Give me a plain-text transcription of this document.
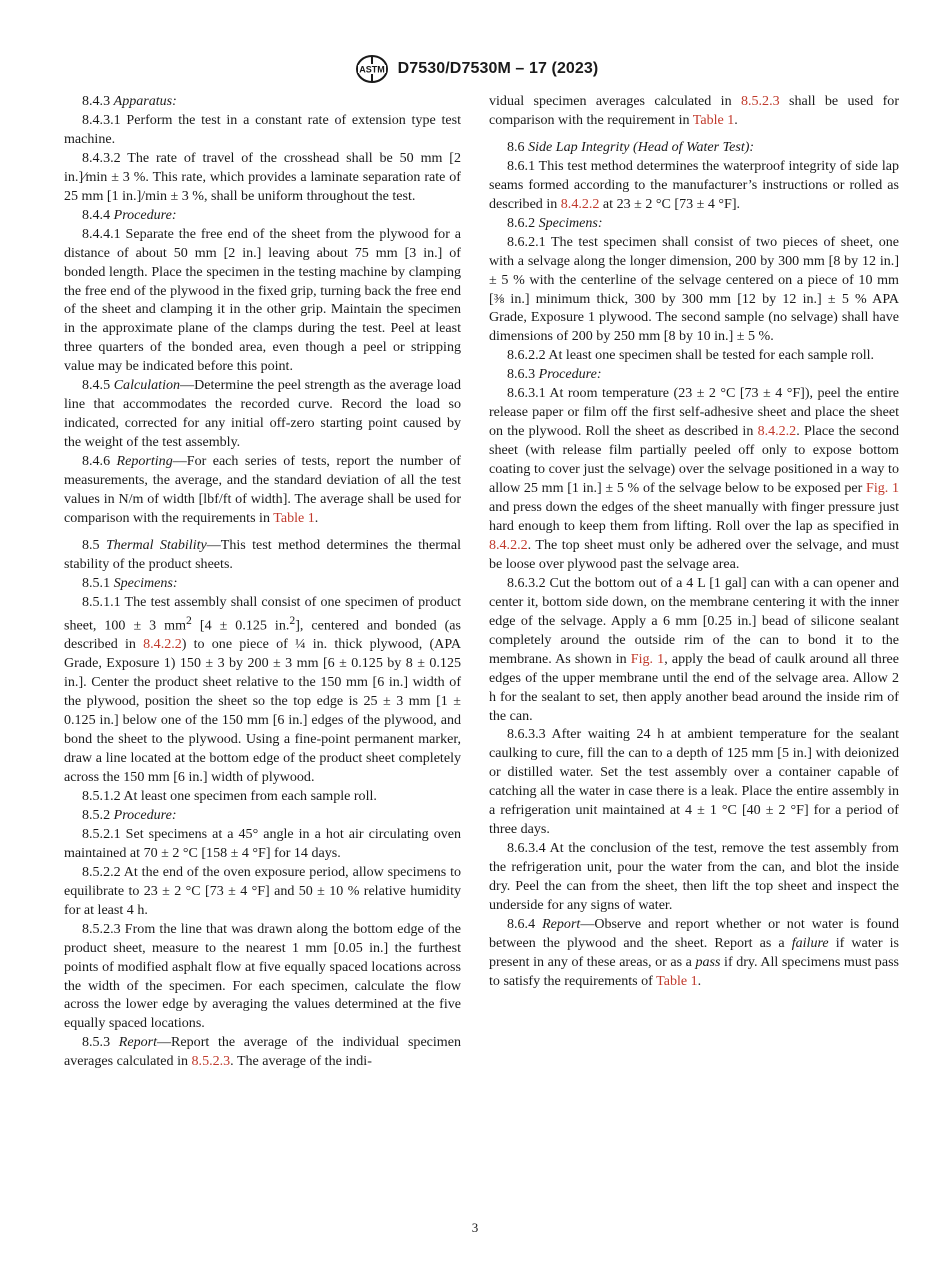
ASTM D7530/D7530M – 17 (2023)

8.4.3 Apparatus:

8.4.3.1 Perform the test in a constant rate of extension type test machine.

8.4.3.2 The rate of travel of the crosshead shall be 50 mm [2 in.]⁄min ± 3 %. This rate, which provides a laminate separation rate of 25 mm [1 in.]/min ± 3 %, shall be uniform throughout the test.

8.4.4 Procedure:

8.4.4.1 Separate the free end of the sheet from the plywood for a distance of about 50 mm [2 in.] leaving about 75 mm [3 in.] of bonded length. Place the specimen in the testing machine by clamping the free end of the plywood in the fixed grip, turning back the free end of the sheet and clamping it in the other grip. Maintain the specimen in the approximate plane of the clamps during the test. Peel at least three quarters of the bonded area, even though a peel or stripping value may be indicated before this point.

8.4.5 Calculation—Determine the peel strength as the average load line that accommodates the recorded curve. Record the load so indicated, corrected for any initial off-zero starting point caused by the weight of the test assembly.

8.4.6 Reporting—For each series of tests, report the number of measurements, the average, and the standard deviation of all the test values in N/m of width [lbf/ft of width]. The average shall be used for comparison with the requirements in Table 1.

8.5 Thermal Stability—This test method determines the thermal stability of the product sheets.

8.5.1 Specimens:

8.5.1.1 The test assembly shall consist of one specimen of product sheet, 100 ± 3 $mm^2$ [4 ± 0.125 in.$^2$], centered and bonded (as described in 8.4.2.2) to one piece of ¼ in. thick plywood, (APA Grade, Exposure 1) 150 ± 3 by 200 ± 3 mm [6 ± 0.125 by 8 ± 0.125 in.]. Center the product sheet relative to the 150 mm [6 in.] width of the plywood, position the sheet so the top edge is 25 ± 3 mm [1 ± 0.125 in.] below one of the 150 mm [6 in.] edges of the plywood, and bond the sheet to the plywood. Using a fine-point permanent marker, draw a line located at the bottom edge of the product sheet completely across the 150 mm [6 in.] width of plywood.

8.5.1.2 At least one specimen from each sample roll.

8.5.2 Procedure:

8.5.2.1 Set specimens at a 45° angle in a hot air circulating oven maintained at 70 ± 2 °C [158 ± 4 °F] for 14 days.

8.5.2.2 At the end of the oven exposure period, allow specimens to equilibrate to 23 ± 2 °C [73 ± 4 °F] and 50 ± 10 % relative humidity for at least 4 h.

8.5.2.3 From the line that was drawn along the bottom edge of the product sheet, measure to the nearest 1 mm [0.05 in.] the furthest points of modified asphalt flow at five equally spaced locations across the width of the specimen. For each specimen, calculate the flow across the lower edge by averaging the values determined at the five equally spaced locations.

8.5.3 Report—Report the average of the individual specimen averages calculated in 8.5.2.3. The average of the indi-

vidual specimen averages calculated in 8.5.2.3 shall be used for comparison with the requirement in Table 1.

8.6 Side Lap Integrity (Head of Water Test):

8.6.1 This test method determines the waterproof integrity of side lap seams formed according to the manufacturer’s instructions or rolled as described in 8.4.2.2 at 23 ± 2 °C [73 ± 4 °F].

8.6.2 Specimens:

8.6.2.1 The test specimen shall consist of two pieces of sheet, one with a selvage along the longer dimension, 200 by 300 mm [8 by 12 in.] ± 5 % with the centerline of the selvage centered on a piece of 10 mm [⅜ in.] minimum thick, 300 by 300 mm [12 by 12 in.] ± 5 % APA Grade, Exposure 1 plywood. The second sample (no selvage) shall have dimensions of 200 by 250 mm [8 by 10 in.] ± 5 %.

8.6.2.2 At least one specimen shall be tested for each sample roll.

8.6.3 Procedure:

8.6.3.1 At room temperature (23 ± 2 °C [73 ± 4 °F]), peel the entire release paper or film off the first self-adhesive sheet and place the sheet on the plywood. Roll the sheet as described in 8.4.2.2. Place the second sheet (with release film partially peeled off only to expose bottom coating to cover just the selvage) over the selvage positioned in a way to allow 25 mm [1 in.] ± 5 % of the selvage below to be exposed per Fig. 1 and press down the edges of the sheet manually with finger pressure just hard enough to keep them from lifting. Roll over the lap as specified in 8.4.2.2. The top sheet must only be adhered over the selvage, and must be loose over plywood past the selvage area.

8.6.3.2 Cut the bottom out of a 4 L [1 gal] can with a can opener and center it, bottom side down, on the membrane centering it with the inner edge of the selvage. Apply a 6 mm [0.25 in.] bead of silicone sealant completely around the outside rim of the can to bond it to the membrane. As shown in Fig. 1, apply the bead of caulk around all three edges of the upper membrane until the end of the selvage area. Allow 2 h for the sealant to set, then apply another bead around the inside rim of the can.

8.6.3.3 After waiting 24 h at ambient temperature for the sealant caulking to cure, fill the can to a depth of 125 mm [5 in.] with deionized or distilled water. Set the test assembly over a container capable of catching all the water in case there is a leak. Place the entire assembly in a refrigeration unit maintained at 4 ± 1 °C [40 ± 2 °F] for a period of three days.

8.6.3.4 At the conclusion of the test, remove the test assembly from the refrigeration unit, pour the water from the can, and blot the inside dry. Peel the can from the sheet, then lift the top sheet and inspect the underside for any signs of water.

8.6.4 Report—Observe and report whether or not water is found between the plywood and the sheet. Report as a failure if water is present in any of these areas, or as a pass if dry. All specimens must pass to satisfy the requirements of Table 1.

3
